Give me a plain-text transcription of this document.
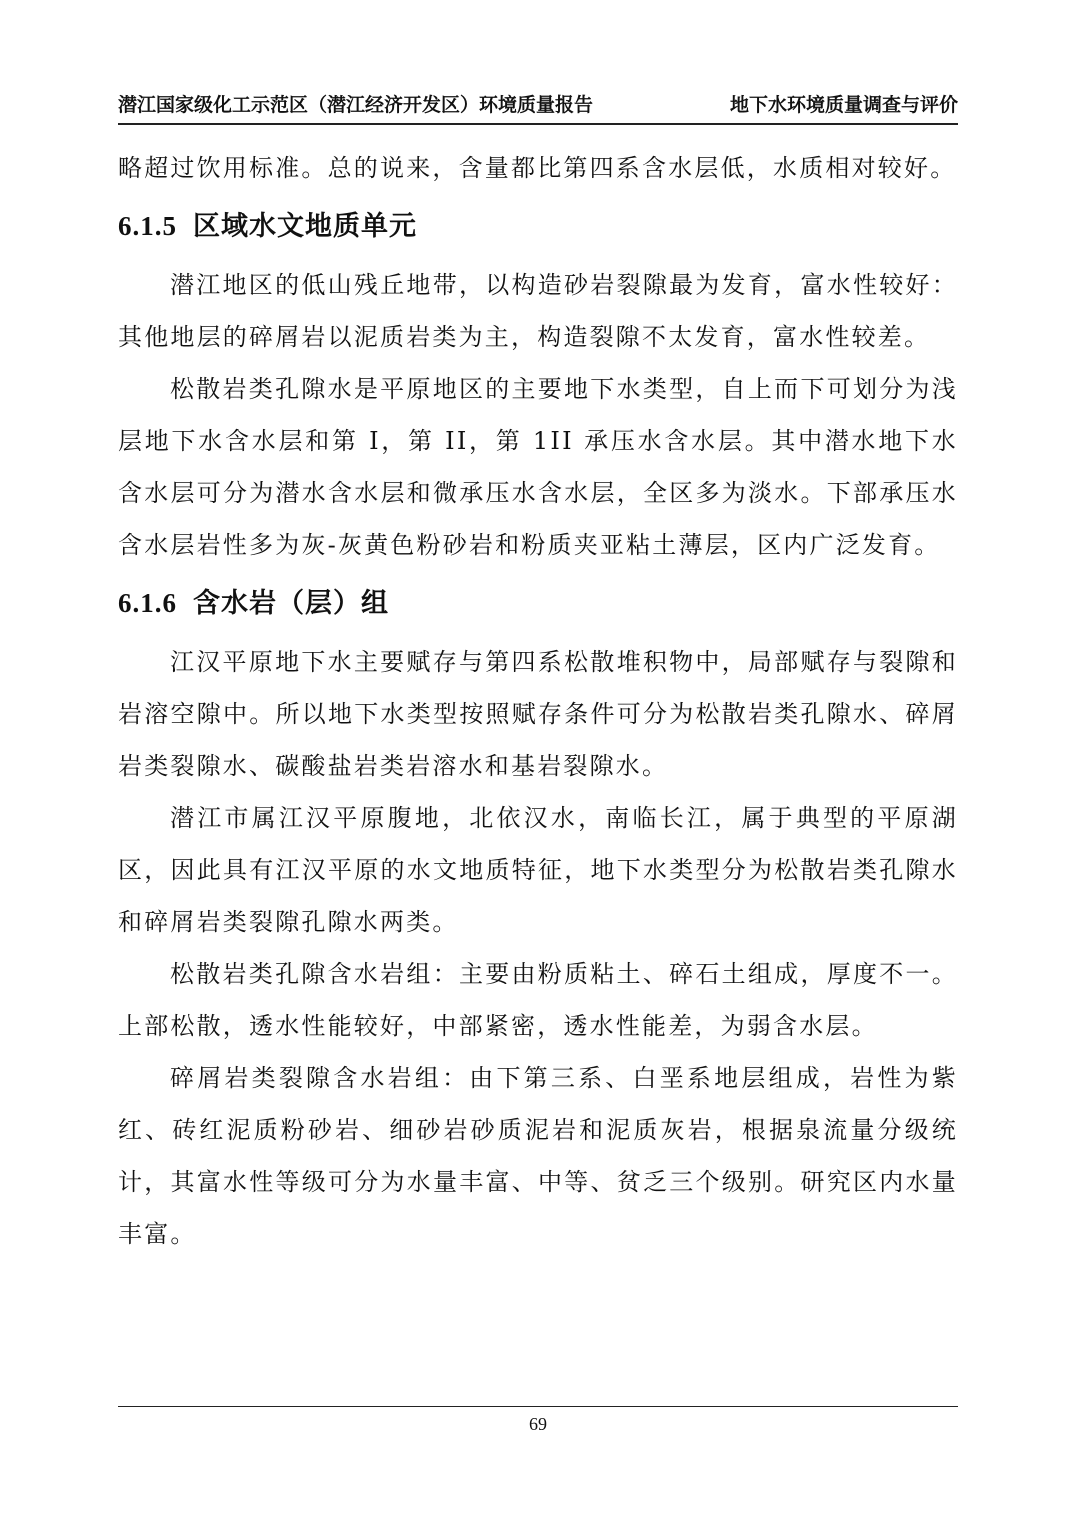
潜江国家级化工示范区（潜江经济开发区）环境质量报告	地下水环境质量调查与评价

略超过饮用标准。总的说来，含量都比第四系含水层低，水质相对较好。

6.1.5 区域水文地质单元

潜江地区的低山残丘地带，以构造砂岩裂隙最为发育，富水性较好：其他地层的碎屑岩以泥质岩类为主，构造裂隙不太发育，富水性较差。

松散岩类孔隙水是平原地区的主要地下水类型，自上而下可划分为浅层地下水含水层和第 I，第 II，第 1II 承压水含水层。其中潜水地下水含水层可分为潜水含水层和微承压水含水层，全区多为淡水。下部承压水含水层岩性多为灰-灰黄色粉砂岩和粉质夹亚粘土薄层，区内广泛发育。

6.1.6 含水岩（层）组

江汉平原地下水主要赋存与第四系松散堆积物中，局部赋存与裂隙和岩溶空隙中。所以地下水类型按照赋存条件可分为松散岩类孔隙水、碎屑岩类裂隙水、碳酸盐岩类岩溶水和基岩裂隙水。

潜江市属江汉平原腹地，北依汉水，南临长江，属于典型的平原湖区，因此具有江汉平原的水文地质特征，地下水类型分为松散岩类孔隙水和碎屑岩类裂隙孔隙水两类。

松散岩类孔隙含水岩组：主要由粉质粘土、碎石土组成，厚度不一。上部松散，透水性能较好，中部紧密，透水性能差，为弱含水层。

碎屑岩类裂隙含水岩组：由下第三系、白垩系地层组成，岩性为紫红、砖红泥质粉砂岩、细砂岩砂质泥岩和泥质灰岩，根据泉流量分级统计，其富水性等级可分为水量丰富、中等、贫乏三个级别。研究区内水量丰富。

69
